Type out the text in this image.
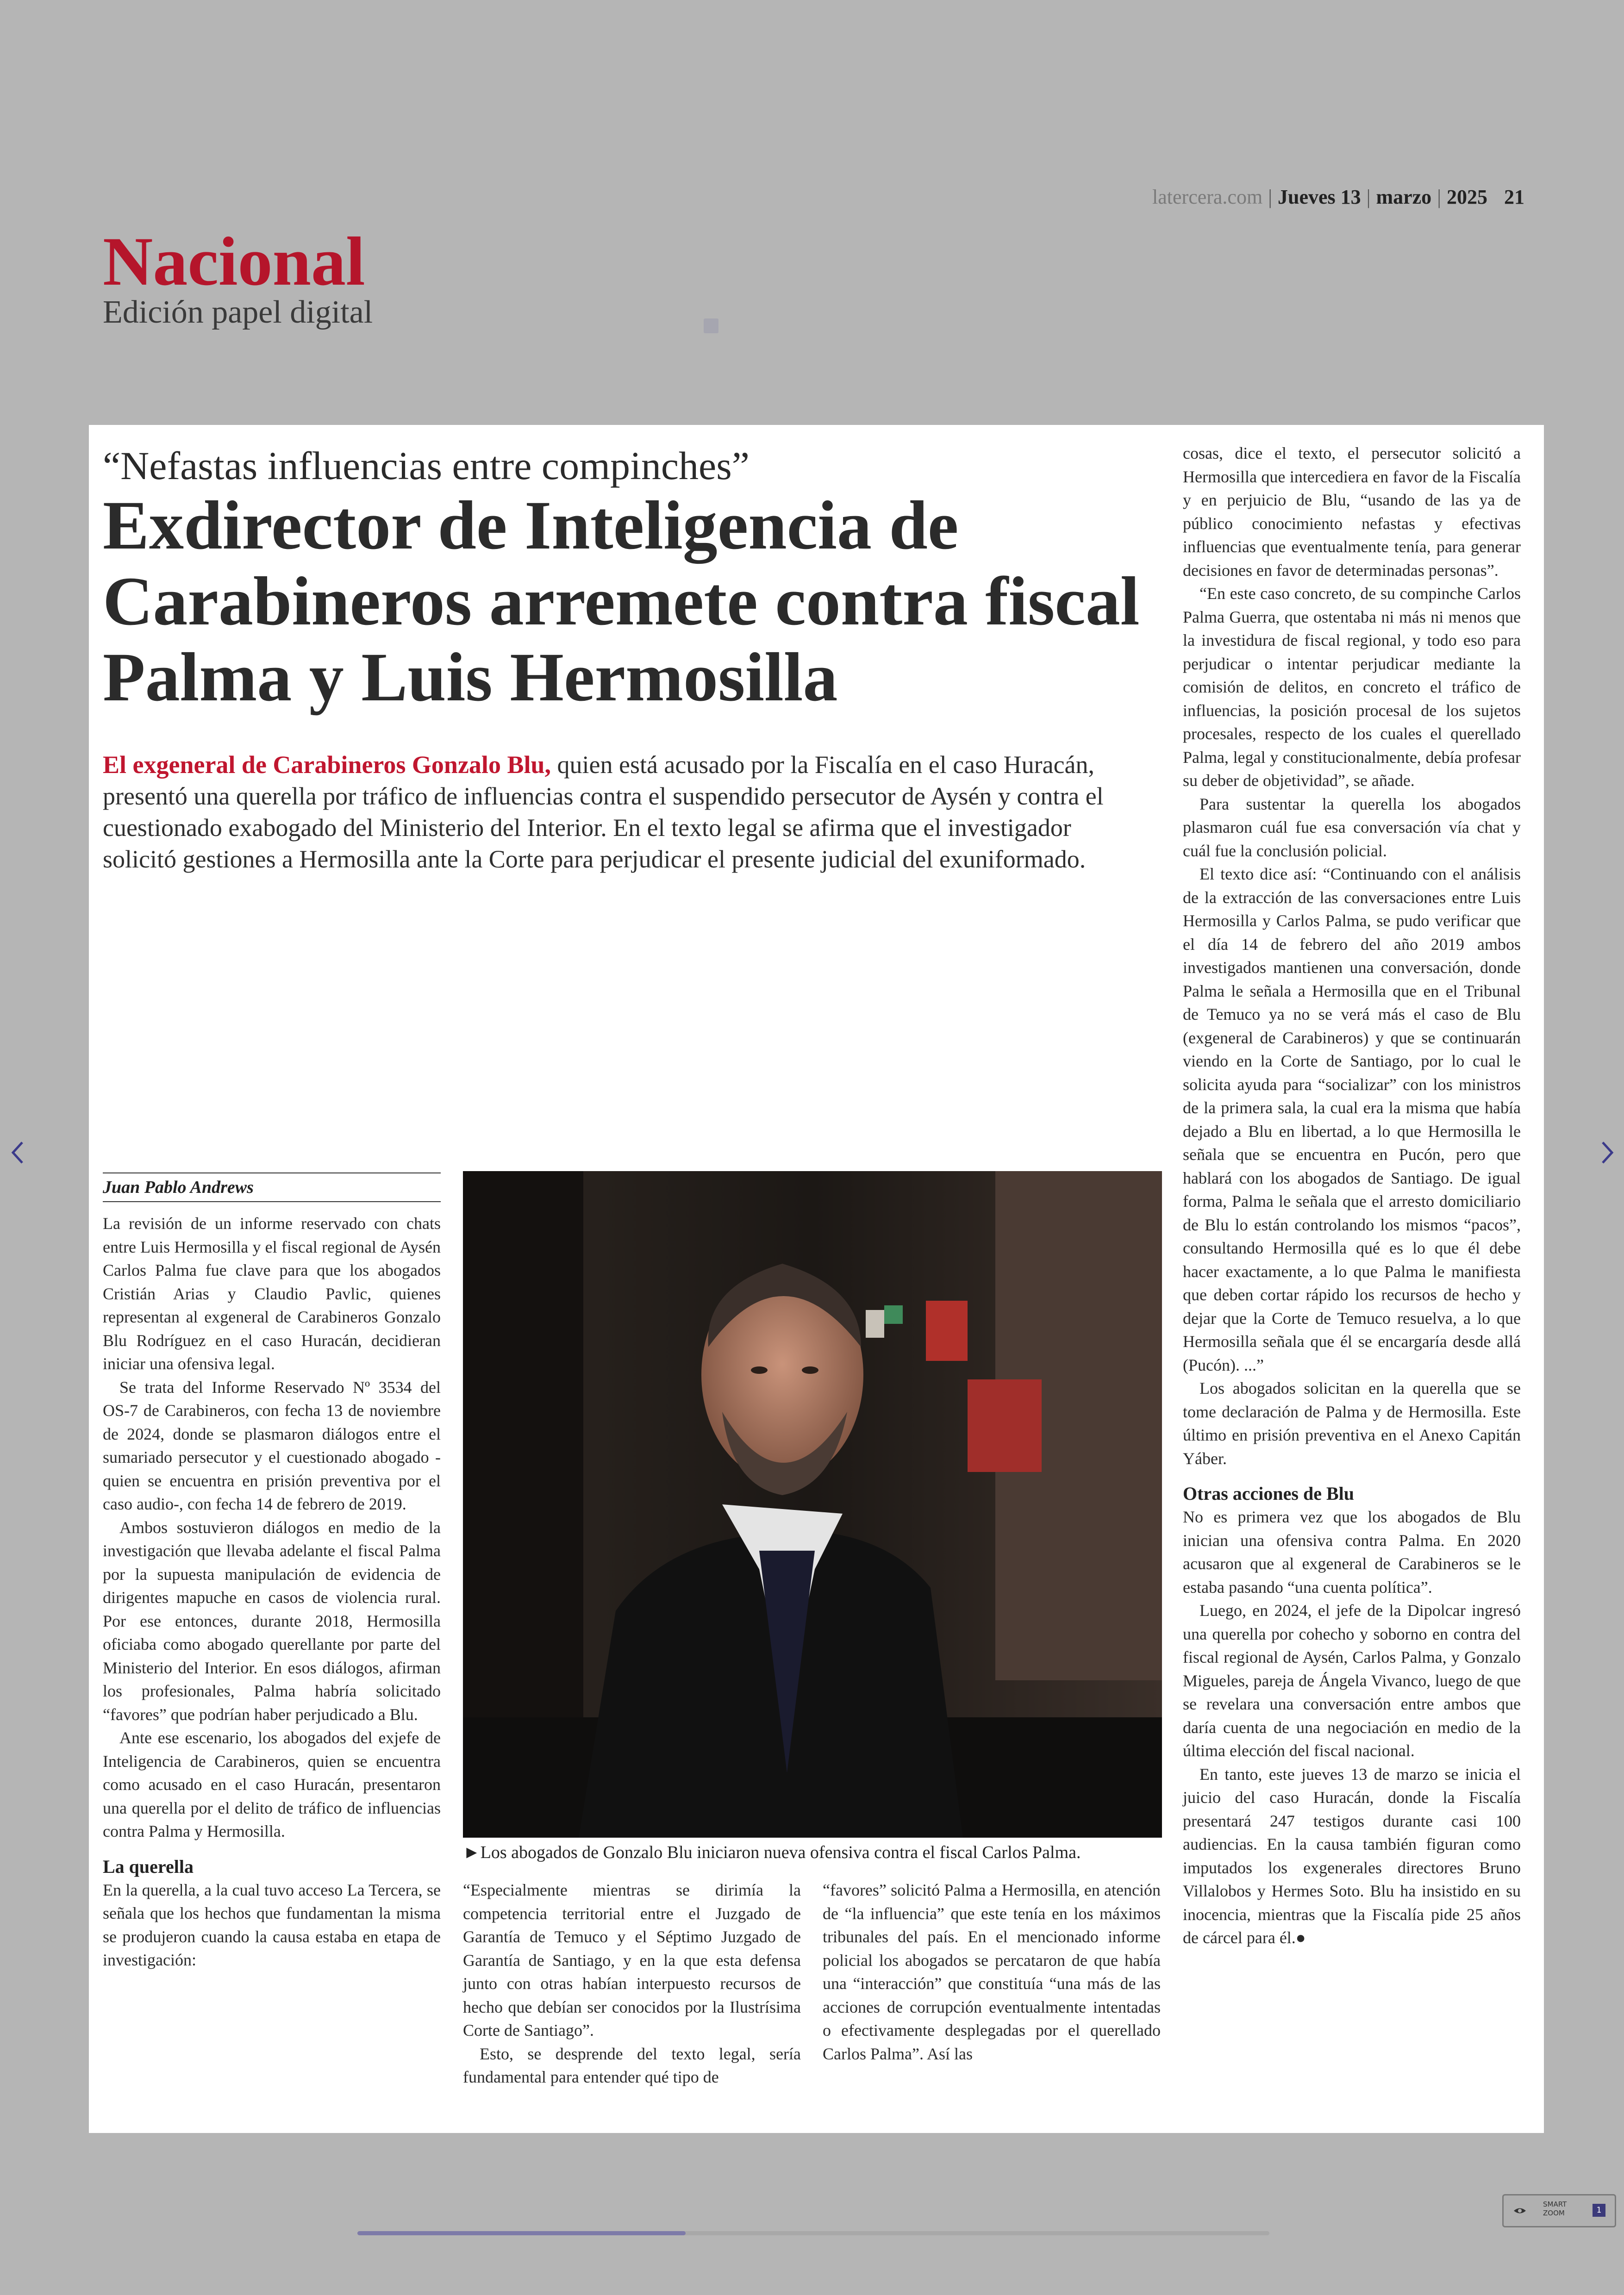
latercera.com | Jueves 13 | marzo | 2025 21
Nacional
Edición papel digital
“Nefastas influencias entre compinches”
Exdirector de Inteligencia de Carabineros arremete contra fiscal Palma y Luis Hermosilla
El exgeneral de Carabineros Gonzalo Blu, quien está acusado por la Fiscalía en el caso Huracán, presentó una querella por tráfico de influencias contra el suspendido persecutor de Aysén y contra el cuestionado exabogado del Ministerio del Interior. En el texto legal se afirma que el investigador solicitó gestiones a Hermosilla ante la Corte para perjudicar el presente judicial del exuniformado.
Juan Pablo Andrews

La revisión de un informe reservado con chats entre Luis Hermosilla y el fiscal regional de Aysén Carlos Palma fue clave para que los abogados Cristián Arias y Claudio Pavlic, quienes representan al exgeneral de Carabineros Gonzalo Blu Rodríguez en el caso Huracán, decidieran iniciar una ofensiva legal.

Se trata del Informe Reservado Nº 3534 del OS-7 de Carabineros, con fecha 13 de noviembre de 2024, donde se plasmaron diálogos entre el sumariado persecutor y el cuestionado abogado -quien se encuentra en prisión preventiva por el caso audio-, con fecha 14 de febrero de 2019.

Ambos sostuvieron diálogos en medio de la investigación que llevaba adelante el fiscal Palma por la supuesta manipulación de evidencia de dirigentes mapuche en casos de violencia rural. Por ese entonces, durante 2018, Hermosilla oficiaba como abogado querellante por parte del Ministerio del Interior. En esos diálogos, afirman los profesionales, Palma habría solicitado “favores” que podrían haber perjudicado a Blu.

Ante ese escenario, los abogados del exjefe de Inteligencia de Carabineros, quien se encuentra como acusado en el caso Huracán, presentaron una querella por el delito de tráfico de influencias contra Palma y Hermosilla.

La querella

En la querella, a la cual tuvo acceso La Tercera, se señala que los hechos que fundamentan la misma se produjeron cuando la causa estaba en etapa de investigación:

►Los abogados de Gonzalo Blu iniciaron nueva ofensiva contra el fiscal Carlos Palma.

“Especialmente mientras se dirimía la competencia territorial entre el Juzgado de Garantía de Temuco y el Séptimo Juzgado de Garantía de Santiago, y en la que esta defensa junto con otras habían interpuesto recursos de hecho que debían ser conocidos por la Ilustrísima Corte de Santiago”.

Esto, se desprende del texto legal, sería fundamental para entender qué tipo de

“favores” solicitó Palma a Hermosilla, en atención de “la influencia” que este tenía en los máximos tribunales del país. En el mencionado informe policial los abogados se percataron de que había una “interacción” que constituía “una más de las acciones de corrupción eventualmente intentadas o efectivamente desplegadas por el querellado Carlos Palma”. Así las

cosas, dice el texto, el persecutor solicitó a Hermosilla que intercediera en favor de la Fiscalía y en perjuicio de Blu, “usando de las ya de público conocimiento nefastas y efectivas influencias que eventualmente tenía, para generar decisiones en favor de determinadas personas”.

“En este caso concreto, de su compinche Carlos Palma Guerra, que ostentaba ni más ni menos que la investidura de fiscal regional, y todo eso para perjudicar o intentar perjudicar mediante la comisión de delitos, en concreto el tráfico de influencias, la posición procesal de los sujetos procesales, respecto de los cuales el querellado Palma, legal y constitucionalmente, debía profesar su deber de objetividad”, se añade.

Para sustentar la querella los abogados plasmaron cuál fue esa conversación vía chat y cuál fue la conclusión policial.

El texto dice así: “Continuando con el análisis de la extracción de las conversaciones entre Luis Hermosilla y Carlos Palma, se pudo verificar que el día 14 de febrero del año 2019 ambos investigados mantienen una conversación, donde Palma le señala a Hermosilla que en el Tribunal de Temuco ya no se verá más el caso de Blu (exgeneral de Carabineros) y que se continuarán viendo en la Corte de Santiago, por lo cual le solicita ayuda para “socializar” con los ministros de la primera sala, la cual era la misma que había dejado a Blu en libertad, a lo que Hermosilla le señala que se encuentra en Pucón, pero que hablará con los abogados de Santiago. De igual forma, Palma le señala que el arresto domiciliario de Blu lo están controlando los mismos “pacos”, consultando Hermosilla qué es lo que él debe hacer exactamente, a lo que Palma le manifiesta que deben cortar rápido los recursos de hecho y dejar que la Corte de Temuco resuelva, a lo que Hermosilla señala que él se encargaría desde allá (Pucón). ...”

Los abogados solicitan en la querella que se tome declaración de Palma y de Hermosilla. Este último en prisión preventiva en el Anexo Capitán Yáber.

Otras acciones de Blu

No es primera vez que los abogados de Blu inician una ofensiva contra Palma. En 2020 acusaron que al exgeneral de Carabineros se le estaba pasando “una cuenta política”.

Luego, en 2024, el jefe de la Dipolcar ingresó una querella por cohecho y soborno en contra del fiscal regional de Aysén, Carlos Palma, y Gonzalo Migueles, pareja de Ángela Vivanco, luego de que se revelara una conversación entre ambos que daría cuenta de una negociación en medio de la última elección del fiscal nacional.

En tanto, este jueves 13 de marzo se inicia el juicio del caso Huracán, donde la Fiscalía presentará 247 testigos durante casi 100 audiencias. En la causa también figuran como imputados los exgenerales directores Bruno Villalobos y Hermes Soto. Blu ha insistido en su inocencia, mientras que la Fiscalía pide 25 años de cárcel para él.●

SMART
ZOOM	1
